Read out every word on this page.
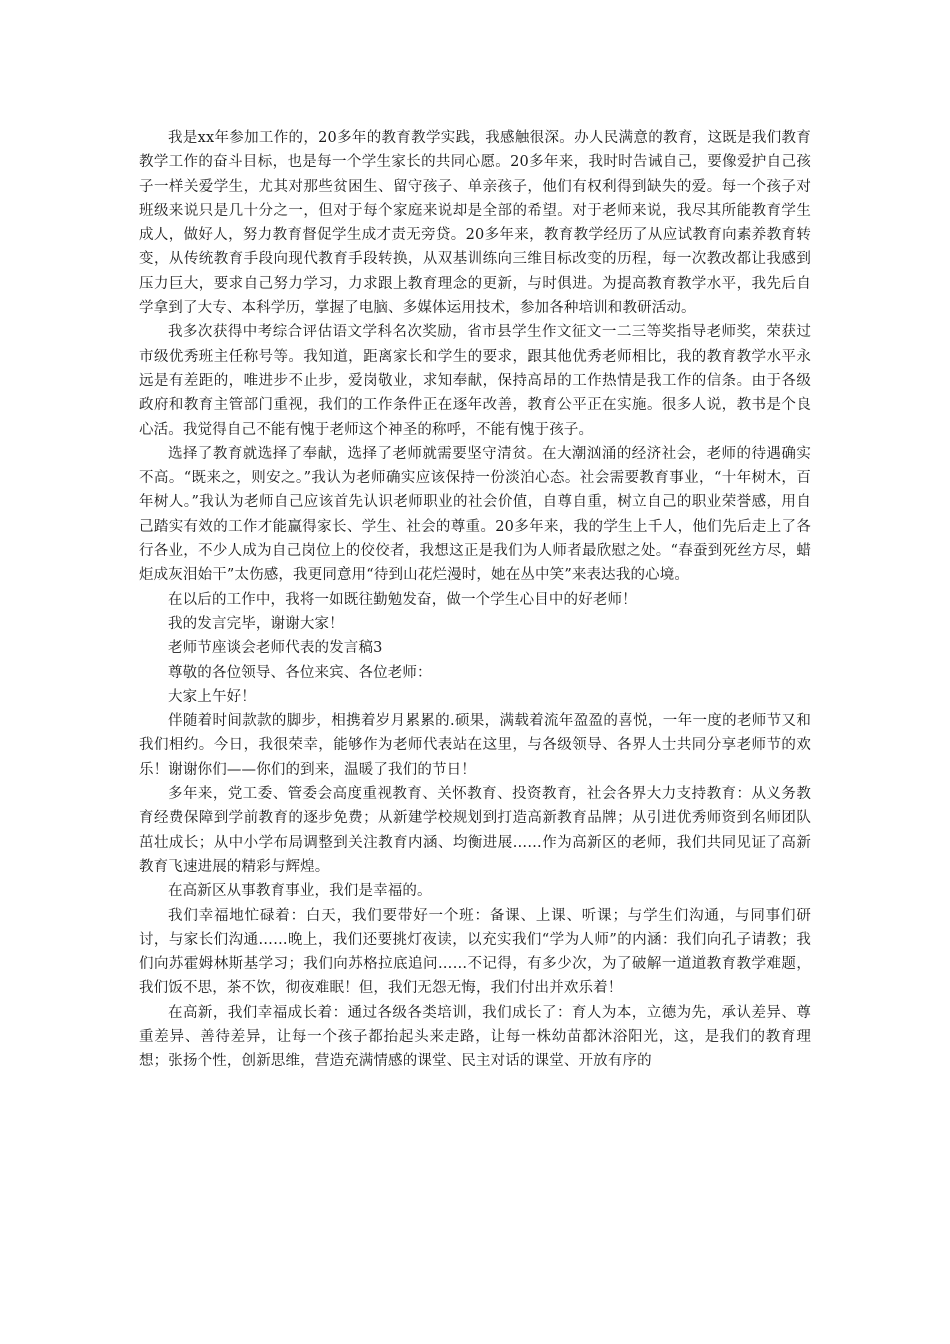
我是xx年参加工作的，20多年的教育教学实践，我感触很深。办人民满意的教育，这既是我们教育教学工作的奋斗目标，也是每一个学生家长的共同心愿。20多年来，我时时告诫自己，要像爱护自己孩子一样关爱学生，尤其对那些贫困生、留守孩子、单亲孩子，他们有权利得到缺失的爱。每一个孩子对班级来说只是几十分之一，但对于每个家庭来说却是全部的希望。对于老师来说，我尽其所能教育学生成人，做好人，努力教育督促学生成才责无旁贷。20多年来，教育教学经历了从应试教育向素养教育转变，从传统教育手段向现代教育手段转换，从双基训练向三维目标改变的历程，每一次教改都让我感到压力巨大，要求自己努力学习，力求跟上教育理念的更新，与时俱进。为提高教育教学水平，我先后自学拿到了大专、本科学历，掌握了电脑、多媒体运用技术，参加各种培训和教研活动。

我多次获得中考综合评估语文学科名次奖励，省市县学生作文征文一二三等奖指导老师奖，荣获过市级优秀班主任称号等。我知道，距离家长和学生的要求，跟其他优秀老师相比，我的教育教学水平永远是有差距的，唯进步不止步，爱岗敬业，求知奉献，保持高昂的工作热情是我工作的信条。由于各级政府和教育主管部门重视，我们的工作条件正在逐年改善，教育公平正在实施。很多人说，教书是个良心活。我觉得自己不能有愧于老师这个神圣的称呼，不能有愧于孩子。

选择了教育就选择了奉献，选择了老师就需要坚守清贫。在大潮汹涌的经济社会，老师的待遇确实不高。“既来之，则安之。”我认为老师确实应该保持一份淡泊心态。社会需要教育事业，“十年树木，百年树人。”我认为老师自己应该首先认识老师职业的社会价值，自尊自重，树立自己的职业荣誉感，用自己踏实有效的工作才能赢得家长、学生、社会的尊重。20多年来，我的学生上千人，他们先后走上了各行各业，不少人成为自己岗位上的佼佼者，我想这正是我们为人师者最欣慰之处。“春蚕到死丝方尽，蜡炬成灰泪始干”太伤感，我更同意用“待到山花烂漫时，她在丛中笑”来表达我的心境。

在以后的工作中，我将一如既往勤勉发奋，做一个学生心目中的好老师！

我的发言完毕，谢谢大家！

老师节座谈会老师代表的发言稿3

尊敬的各位领导、各位来宾、各位老师：

大家上午好！

伴随着时间款款的脚步，相携着岁月累累的.硕果，满载着流年盈盈的喜悦，一年一度的老师节又和我们相约。今日，我很荣幸，能够作为老师代表站在这里，与各级领导、各界人士共同分享老师节的欢乐！谢谢你们——你们的到来，温暖了我们的节日！

多年来，党工委、管委会高度重视教育、关怀教育、投资教育，社会各界大力支持教育：从义务教育经费保障到学前教育的逐步免费；从新建学校规划到打造高新教育品牌；从引进优秀师资到名师团队茁壮成长；从中小学布局调整到关注教育内涵、均衡进展……作为高新区的老师，我们共同见证了高新教育飞速进展的精彩与辉煌。

在高新区从事教育事业，我们是幸福的。

我们幸福地忙碌着：白天，我们要带好一个班：备课、上课、听课；与学生们沟通，与同事们研讨，与家长们沟通……晚上，我们还要挑灯夜读，以充实我们“学为人师”的内涵：我们向孔子请教；我们向苏霍姆林斯基学习；我们向苏格拉底追问……不记得，有多少次，为了破解一道道教育教学难题，我们饭不思，茶不饮，彻夜难眠！但，我们无怨无悔，我们付出并欢乐着！

在高新，我们幸福成长着：通过各级各类培训，我们成长了：育人为本，立德为先，承认差异、尊重差异、善待差异，让每一个孩子都抬起头来走路，让每一株幼苗都沐浴阳光，这，是我们的教育理想；张扬个性，创新思维，营造充满情感的课堂、民主对话的课堂、开放有序的
